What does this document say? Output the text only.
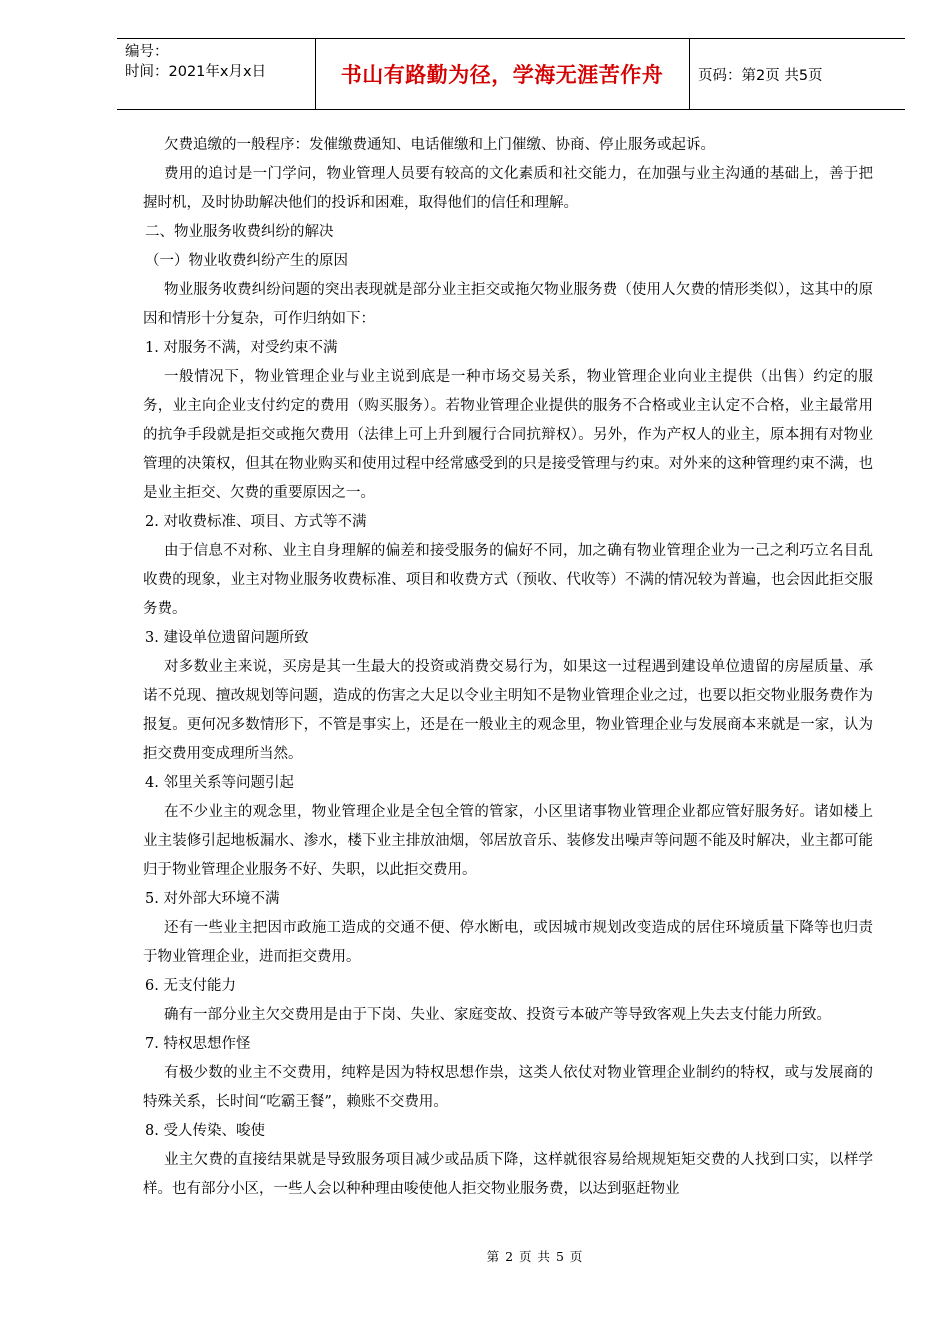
编号：
时间：2021年x月x日	书山有路勤为径，学海无涯苦作舟 页码：第2页 共5页

欠费追缴的一般程序：发催缴费通知、电话催缴和上门催缴、协商、停止服务或起诉。

费用的追讨是一门学问，物业管理人员要有较高的文化素质和社交能力，在加强与业主沟通的基础上，善于把握时机，及时协助解决他们的投诉和困难，取得他们的信任和理解。

二、物业服务收费纠纷的解决

（一）物业收费纠纷产生的原因

物业服务收费纠纷问题的突出表现就是部分业主拒交或拖欠物业服务费（使用人欠费的情形类似），这其中的原因和情形十分复杂，可作归纳如下：

1. 对服务不满，对受约束不满

一般情况下，物业管理企业与业主说到底是一种市场交易关系，物业管理企业向业主提供（出售）约定的服务，业主向企业支付约定的费用（购买服务）。若物业管理企业提供的服务不合格或业主认定不合格，业主最常用的抗争手段就是拒交或拖欠费用（法律上可上升到履行合同抗辩权）。另外，作为产权人的业主，原本拥有对物业管理的决策权，但其在物业购买和使用过程中经常感受到的只是接受管理与约束。对外来的这种管理约束不满，也是业主拒交、欠费的重要原因之一。

2. 对收费标准、项目、方式等不满

由于信息不对称、业主自身理解的偏差和接受服务的偏好不同，加之确有物业管理企业为一己之利巧立名目乱收费的现象，业主对物业服务收费标准、项目和收费方式（预收、代收等）不满的情况较为普遍，也会因此拒交服务费。

3. 建设单位遗留问题所致

对多数业主来说，买房是其一生最大的投资或消费交易行为，如果这一过程遇到建设单位遗留的房屋质量、承诺不兑现、擅改规划等问题，造成的伤害之大足以令业主明知不是物业管理企业之过，也要以拒交物业服务费作为报复。更何况多数情形下，不管是事实上，还是在一般业主的观念里，物业管理企业与发展商本来就是一家，认为拒交费用变成理所当然。

4. 邻里关系等问题引起

在不少业主的观念里，物业管理企业是全包全管的管家，小区里诸事物业管理企业都应管好服务好。诸如楼上业主装修引起地板漏水、渗水，楼下业主排放油烟，邻居放音乐、装修发出噪声等问题不能及时解决，业主都可能归于物业管理企业服务不好、失职，以此拒交费用。

5. 对外部大环境不满

还有一些业主把因市政施工造成的交通不便、停水断电，或因城市规划改变造成的居住环境质量下降等也归责于物业管理企业，进而拒交费用。

6. 无支付能力

确有一部分业主欠交费用是由于下岗、失业、家庭变故、投资亏本破产等导致客观上失去支付能力所致。

7. 特权思想作怪

有极少数的业主不交费用，纯粹是因为特权思想作祟，这类人依仗对物业管理企业制约的特权，或与发展商的特殊关系，长时间“吃霸王餐”，赖账不交费用。

8. 受人传染、唆使

业主欠费的直接结果就是导致服务项目减少或品质下降，这样就很容易给规规矩矩交费的人找到口实，以样学样。也有部分小区，一些人会以种种理由唆使他人拒交物业服务费，以达到驱赶物业

第 2 页 共 5 页
